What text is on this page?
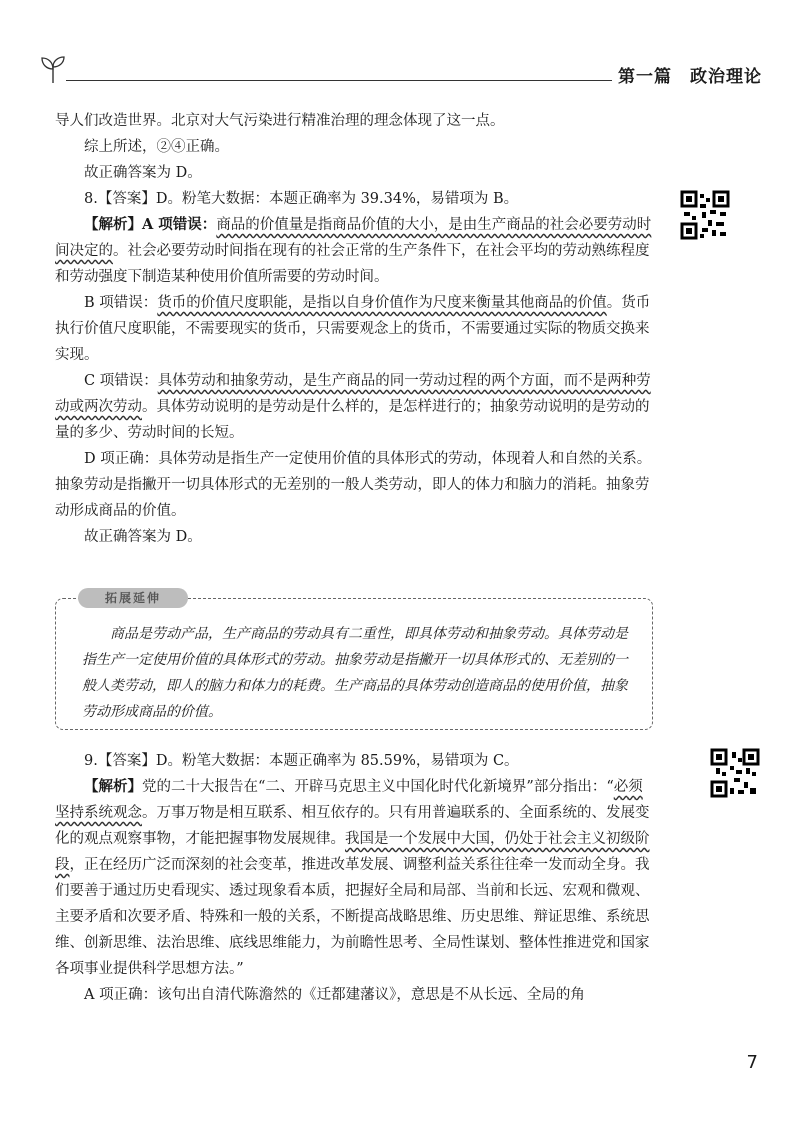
第一篇　政治理论

导人们改造世界。北京对大气污染进行精准治理的理念体现了这一点。

综上所述，②④正确。

故正确答案为 D。

8.【答案】D。粉笔大数据：本题正确率为 39.34%，易错项为 B。

【解析】A 项错误：商品的价值量是指商品价值的大小，是由生产商品的社会必要劳动时间决定的。社会必要劳动时间指在现有的社会正常的生产条件下，在社会平均的劳动熟练程度和劳动强度下制造某种使用价值所需要的劳动时间。

B 项错误：货币的价值尺度职能，是指以自身价值作为尺度来衡量其他商品的价值。货币执行价值尺度职能，不需要现实的货币，只需要观念上的货币，不需要通过实际的物质交换来实现。

C 项错误：具体劳动和抽象劳动，是生产商品的同一劳动过程的两个方面，而不是两种劳动或两次劳动。具体劳动说明的是劳动是什么样的，是怎样进行的；抽象劳动说明的是劳动的量的多少、劳动时间的长短。

D 项正确：具体劳动是指生产一定使用价值的具体形式的劳动，体现着人和自然的关系。抽象劳动是指撇开一切具体形式的无差别的一般人类劳动，即人的体力和脑力的消耗。抽象劳动形成商品的价值。

故正确答案为 D。

拓展延伸

商品是劳动产品，生产商品的劳动具有二重性，即具体劳动和抽象劳动。具体劳动是指生产一定使用价值的具体形式的劳动。抽象劳动是指撇开一切具体形式的、无差别的一般人类劳动，即人的脑力和体力的耗费。生产商品的具体劳动创造商品的使用价值，抽象劳动形成商品的价值。

9.【答案】D。粉笔大数据：本题正确率为 85.59%，易错项为 C。

【解析】党的二十大报告在“二、开辟马克思主义中国化时代化新境界”部分指出：“必须坚持系统观念。万事万物是相互联系、相互依存的。只有用普遍联系的、全面系统的、发展变化的观点观察事物，才能把握事物发展规律。我国是一个发展中大国，仍处于社会主义初级阶段，正在经历广泛而深刻的社会变革，推进改革发展、调整利益关系往往牵一发而动全身。我们要善于通过历史看现实、透过现象看本质，把握好全局和局部、当前和长远、宏观和微观、主要矛盾和次要矛盾、特殊和一般的关系，不断提高战略思维、历史思维、辩证思维、系统思维、创新思维、法治思维、底线思维能力，为前瞻性思考、全局性谋划、整体性推进党和国家各项事业提供科学思想方法。”

A 项正确：该句出自清代陈澹然的《迁都建藩议》，意思是不从长远、全局的角

7
